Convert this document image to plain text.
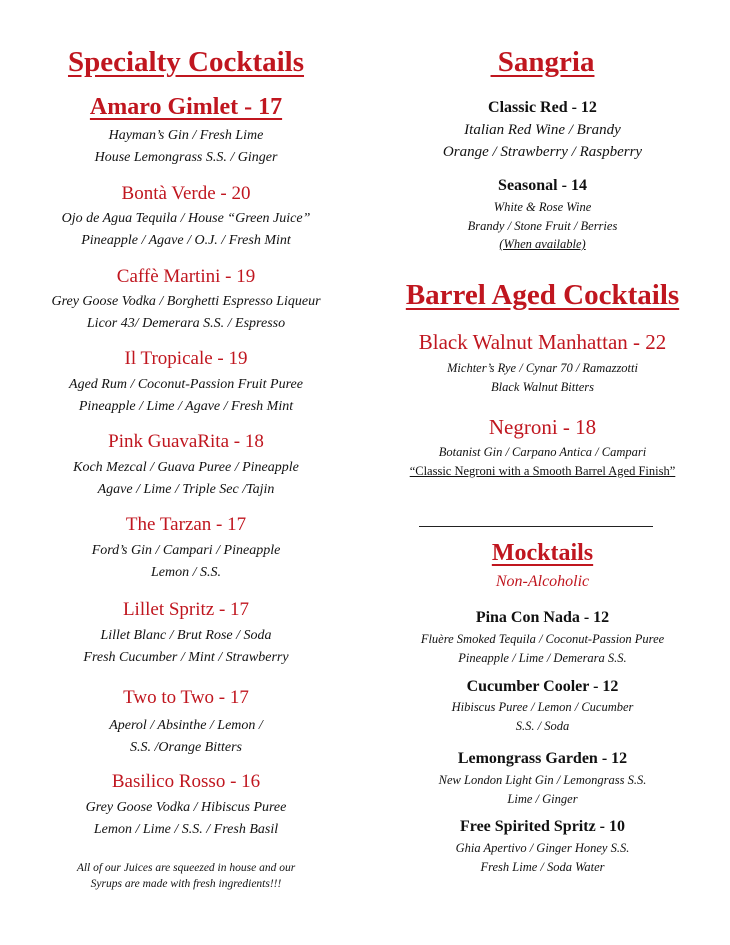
Specialty Cocktails
Amaro Gimlet - 17
Hayman’s Gin / Fresh Lime
House Lemongrass S.S. / Ginger
Bontà Verde - 20
Ojo de Agua Tequila / House “Green Juice”
Pineapple / Agave / O.J. / Fresh Mint
Caffè Martini - 19
Grey Goose Vodka / Borghetti Espresso Liqueur
Licor 43/ Demerara S.S. / Espresso
Il Tropicale - 19
Aged Rum / Coconut-Passion Fruit Puree
Pineapple / Lime / Agave / Fresh Mint
Pink GuavaRita - 18
Koch Mezcal / Guava Puree / Pineapple
Agave / Lime / Triple Sec /Tajin
The Tarzan - 17
Ford’s Gin / Campari / Pineapple
Lemon / S.S.
Lillet Spritz - 17
Lillet Blanc / Brut Rose / Soda
Fresh Cucumber / Mint / Strawberry
Two to Two - 17
Aperol / Absinthe / Lemon /
S.S. /Orange Bitters
Basilico Rosso - 16
Grey Goose Vodka / Hibiscus Puree
Lemon / Lime / S.S. / Fresh Basil
All of our Juices are squeezed in house and our
Syrups are made with fresh ingredients!!!
Sangria
Classic Red - 12
Italian Red Wine / Brandy
Orange / Strawberry / Raspberry
Seasonal - 14
White & Rose Wine
Brandy / Stone Fruit / Berries
(When available)
Barrel Aged Cocktails
Black Walnut Manhattan - 22
Michter’s Rye / Cynar 70 / Ramazzotti
Black Walnut Bitters
Negroni - 18
Botanist Gin / Carpano Antica / Campari
“Classic Negroni with a Smooth Barrel Aged Finish”
Mocktails
Non-Alcoholic
Pina Con Nada - 12
Fluère Smoked Tequila / Coconut-Passion Puree
Pineapple / Lime / Demerara S.S.
Cucumber Cooler - 12
Hibiscus Puree / Lemon / Cucumber
S.S. / Soda
Lemongrass Garden - 12
New London Light Gin / Lemongrass S.S.
Lime / Ginger
Free Spirited Spritz - 10
Ghia Apertivo / Ginger Honey S.S.
Fresh Lime / Soda Water
